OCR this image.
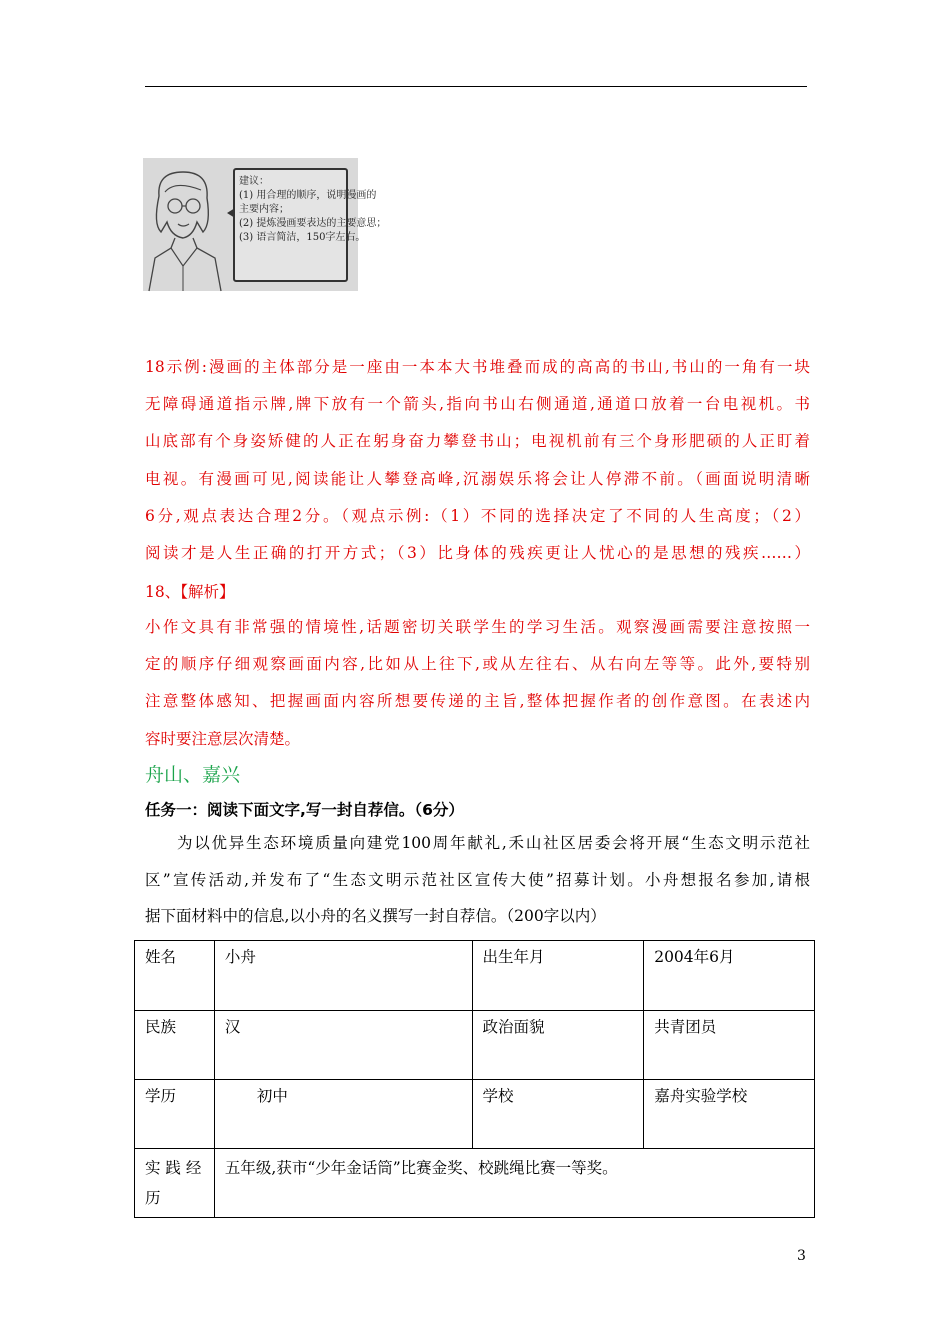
建议：
(1) 用合理的顺序，说明漫画的
主要内容；
(2) 提炼漫画要表达的主要意思；
(3) 语言简洁，150字左右。
18示例:漫画的主体部分是一座由一本本大书堆叠而成的高高的书山,书山的一角有一块
无障碍通道指示牌,牌下放有一个箭头,指向书山右侧通道,通道口放着一台电视机。书
山底部有个身姿矫健的人正在躬身奋力攀登书山；电视机前有三个身形肥硕的人正盯着
电视。有漫画可见,阅读能让人攀登高峰,沉溺娱乐将会让人停滞不前。（画面说明清晰
6分,观点表达合理2分。（观点示例:（1）不同的选择决定了不同的人生高度；（2）
阅读才是人生正确的打开方式；（3）比身体的残疾更让人忧心的是思想的残疾……）
18、【解析】
小作文具有非常强的情境性,话题密切关联学生的学习生活。观察漫画需要注意按照一
定的顺序仔细观察画面内容,比如从上往下,或从左往右、从右向左等等。此外,要特别
注意整体感知、把握画面内容所想要传递的主旨,整体把握作者的创作意图。在表述内
容时要注意层次清楚。
舟山、嘉兴
任务一：阅读下面文字,写一封自荐信。（6分）
为以优异生态环境质量向建党100周年献礼,禾山社区居委会将开展“生态文明示范社
区”宣传活动,并发布了“生态文明示范社区宣传大使”招募计划。小舟想报名参加,请根
据下面材料中的信息,以小舟的名义撰写一封自荐信。（200字以内）
姓名	小舟	出生年月	2004年6月
民族	汉	政治面貌	共青团员
学历	初中	学校	嘉舟实验学校

实 践 经
历	五年级,获市“少年金话筒”比赛金奖、校跳绳比赛一等奖。		
3
